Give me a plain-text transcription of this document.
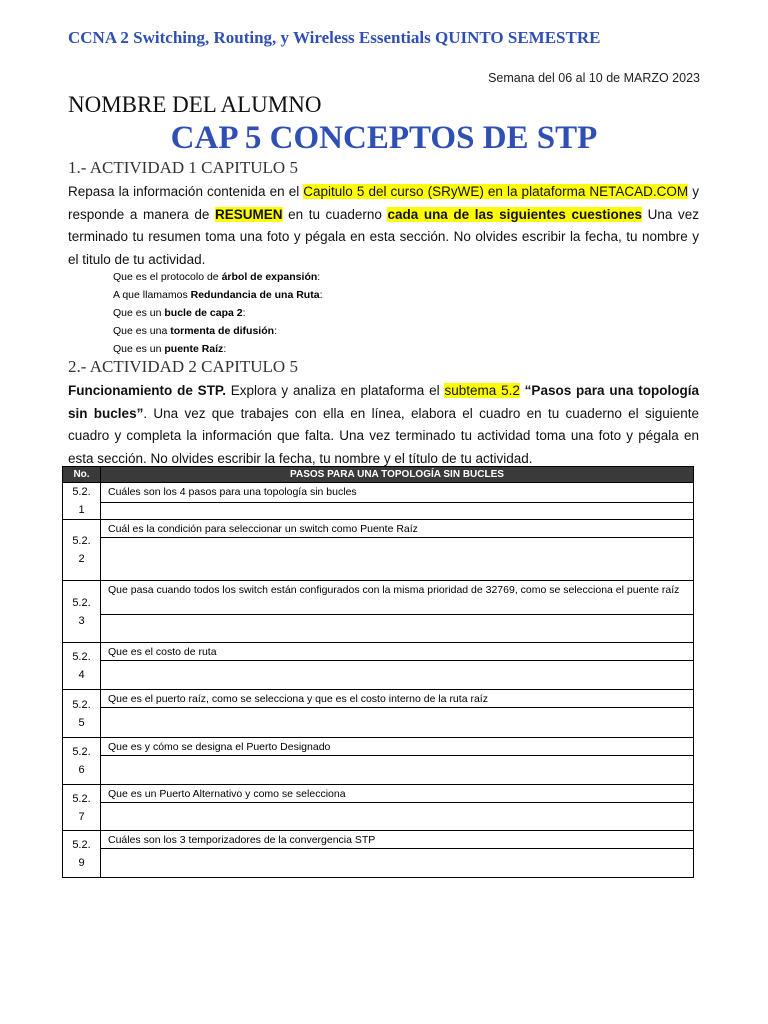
CCNA 2 Switching, Routing, y Wireless Essentials QUINTO SEMESTRE
Semana del 06 al 10 de MARZO 2023
NOMBRE DEL ALUMNO
CAP 5 CONCEPTOS DE STP
1.- ACTIVIDAD 1 CAPITULO 5
Repasa la información contenida en el Capitulo 5 del curso (SRyWE) en la plataforma NETACAD.COM y responde a manera de RESUMEN en tu cuaderno cada una de las siguientes cuestiones Una vez terminado tu resumen toma una foto y pégala en esta sección. No olvides escribir la fecha, tu nombre y el titulo de tu actividad.
Que es el protocolo de árbol de expansión:
A que llamamos Redundancia de una Ruta:
Que es un bucle de capa 2:
Que es una tormenta de difusión:
Que es un puente Raíz:
2.- ACTIVIDAD 2 CAPITULO 5
Funcionamiento de STP. Explora y analiza en plataforma el subtema 5.2 “Pasos para una topología sin bucles”. Una vez que trabajes con ella en línea, elabora el cuadro en tu cuaderno el siguiente cuadro y completa la información que falta. Una vez terminado tu actividad toma una foto y pégala en esta sección. No olvides escribir la fecha, tu nombre y el título de tu actividad.
No.	PASOS PARA UNA TOPOLOGÍA SIN BUCLES
5.2.
1	Cuáles son los 4 pasos para una topología sin bucles

5.2.
2	Cuál es la condición para seleccionar un switch como Puente Raíz

5.2.
3	Que pasa cuando todos los switch están configurados con la misma prioridad de 32769, como se selecciona el puente raíz

5.2.
4	Que es el costo de ruta

5.2.
5	Que es el puerto raíz, como se selecciona y que es el costo interno de la ruta raíz

5.2.
6	Que es y cómo se designa el Puerto Designado

5.2.
7	Que es un Puerto Alternativo y como se selecciona

5.2.
9	Cuáles son los 3 temporizadores de la convergencia STP
